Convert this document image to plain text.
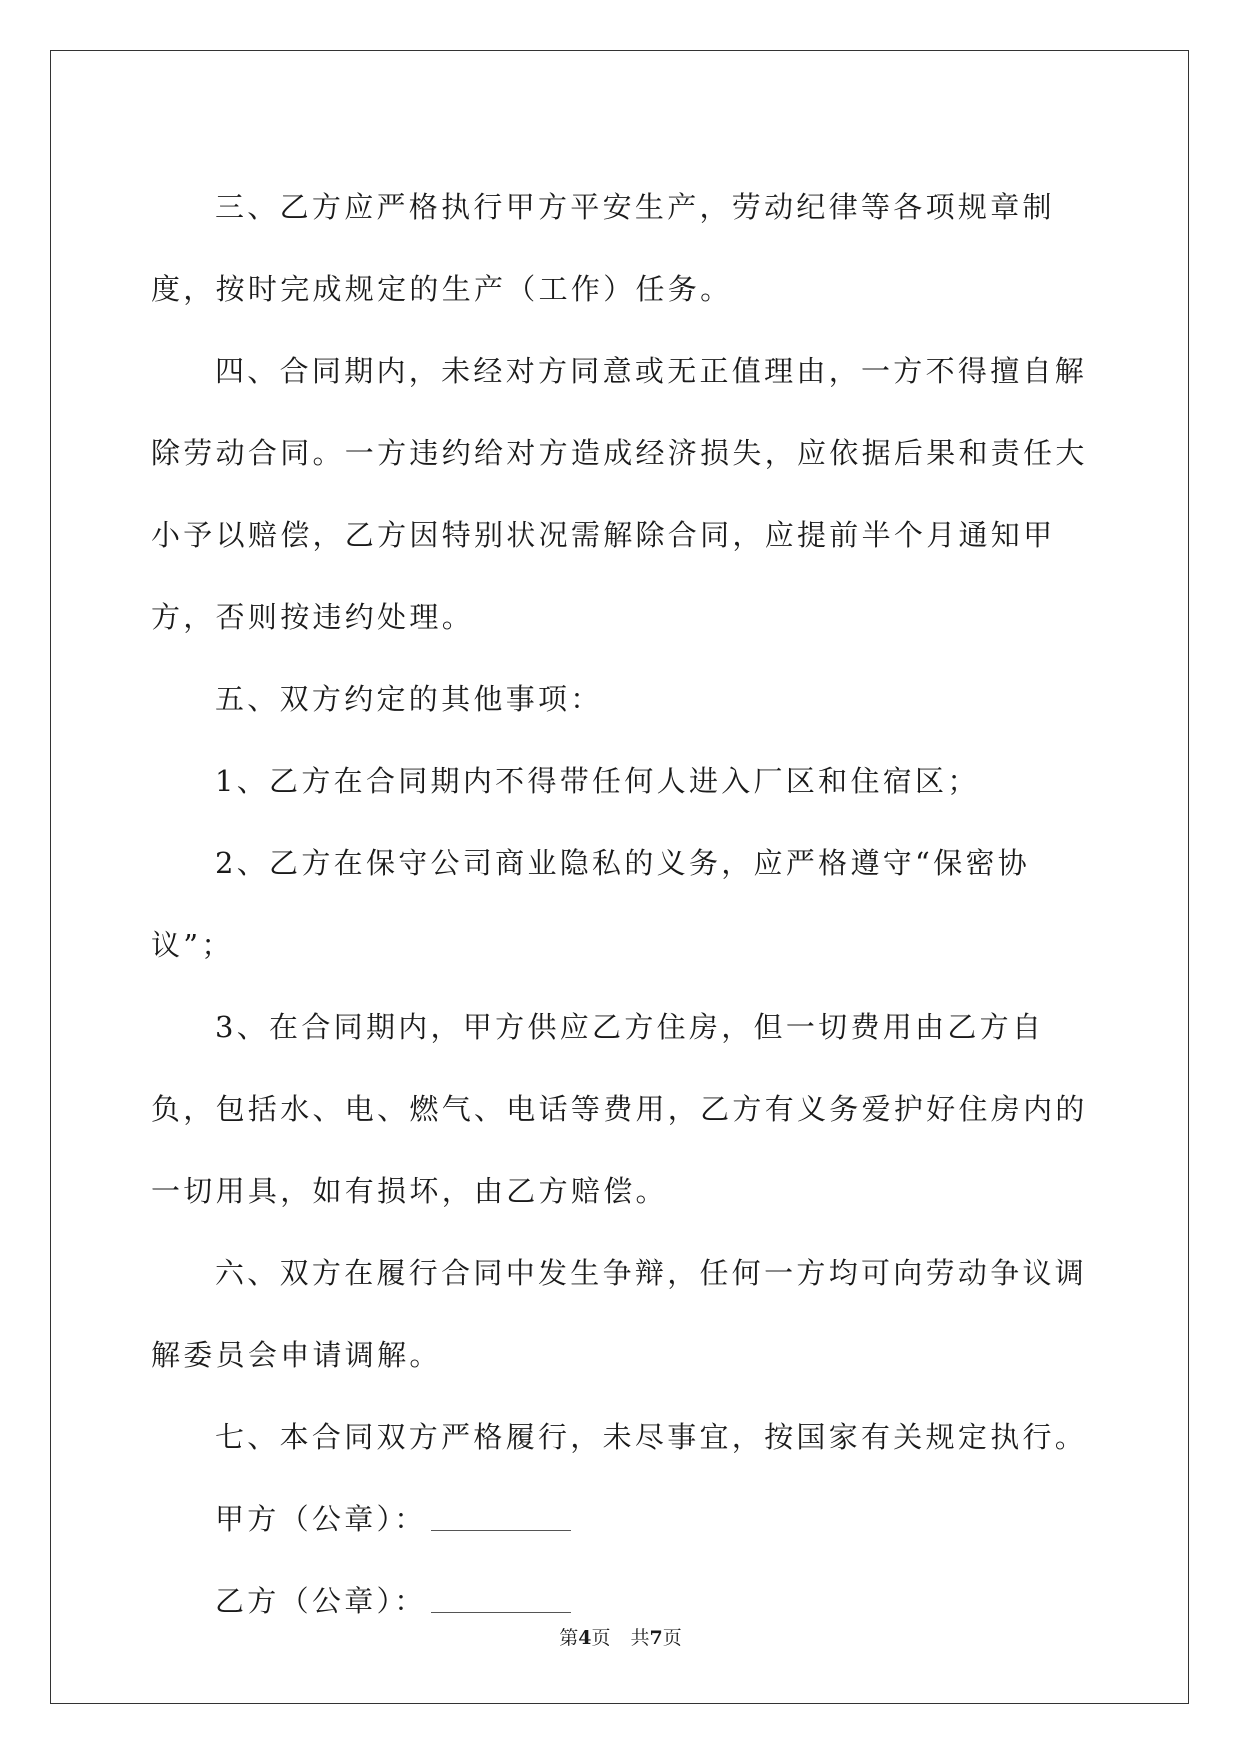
三、乙方应严格执行甲方平安生产，劳动纪律等各项规章制度，按时完成规定的生产（工作）任务。

四、合同期内，未经对方同意或无正值理由，一方不得擅自解除劳动合同。一方违约给对方造成经济损失，应依据后果和责任大小予以赔偿，乙方因特别状况需解除合同，应提前半个月通知甲方，否则按违约处理。

五、双方约定的其他事项：

1、乙方在合同期内不得带任何人进入厂区和住宿区；

2、乙方在保守公司商业隐私的义务，应严格遵守“保密协议”；

3、在合同期内，甲方供应乙方住房，但一切费用由乙方自负，包括水、电、燃气、电话等费用，乙方有义务爱护好住房内的一切用具，如有损坏，由乙方赔偿。

六、双方在履行合同中发生争辩，任何一方均可向劳动争议调解委员会申请调解。

七、本合同双方严格履行，未尽事宜，按国家有关规定执行。

甲方（公章）：
乙方（公章）：
第4页 共7页
